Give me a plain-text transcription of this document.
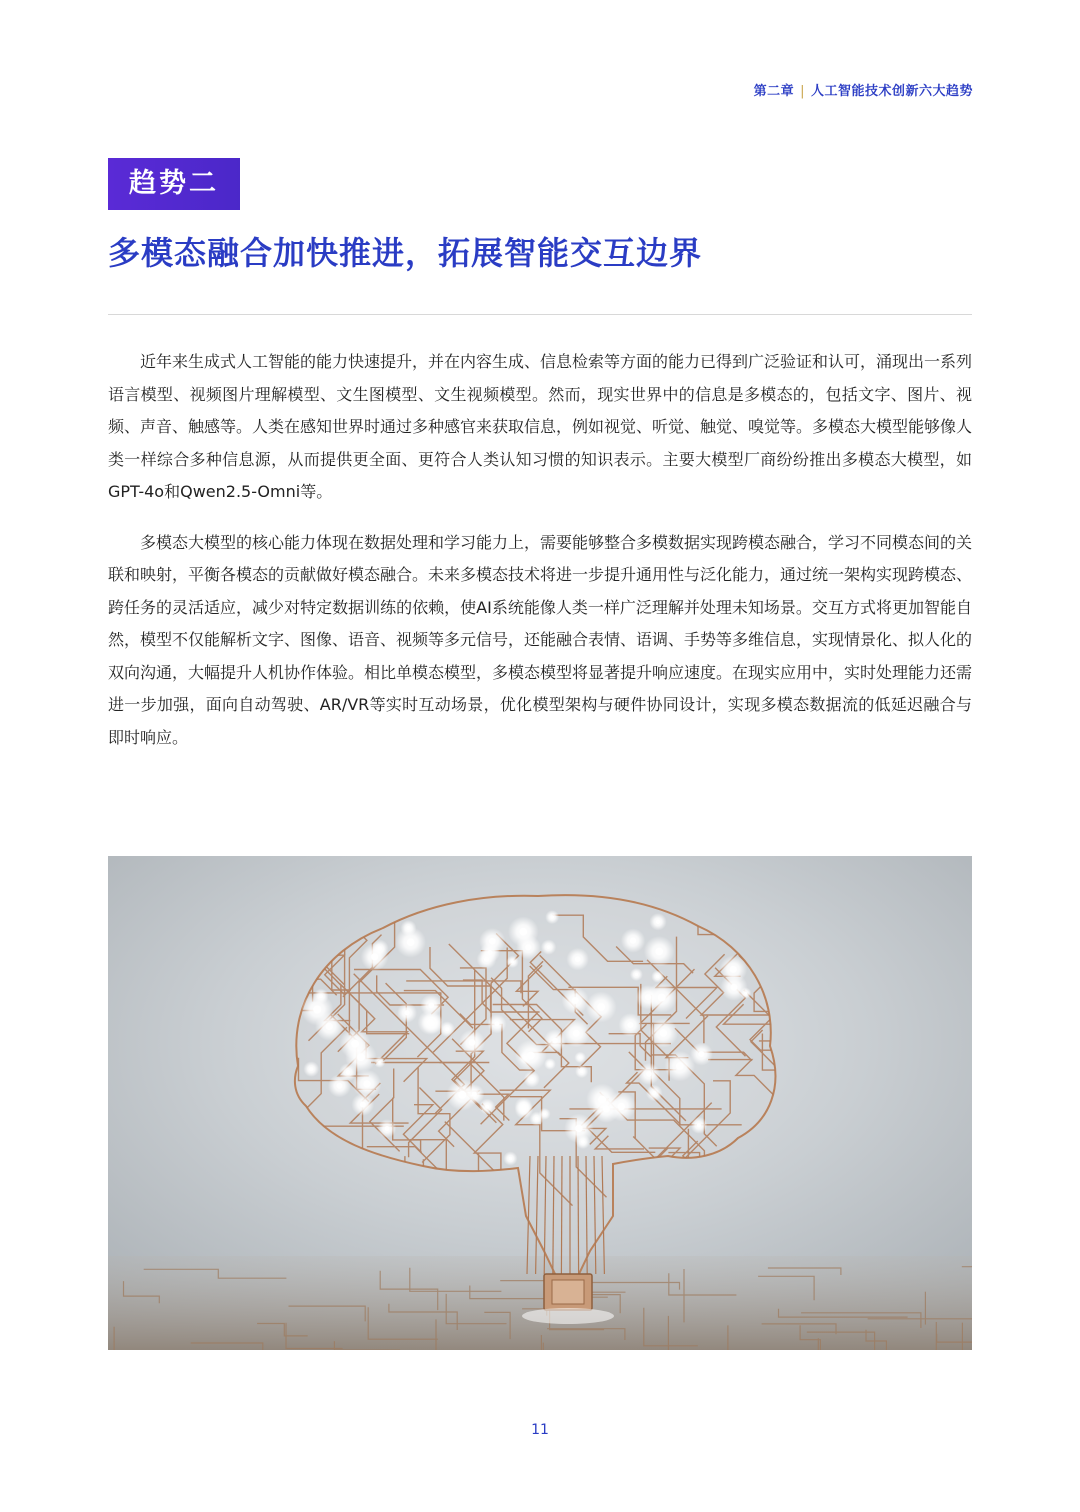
第二章 | 人工智能技术创新六大趋势
趋势二
多模态融合加快推进，拓展智能交互边界

近年来生成式人工智能的能力快速提升，并在内容生成、信息检索等方面的能力已得到广泛验证和认可，涌现出一系列语言模型、视频图片理解模型、文生图模型、文生视频模型。然而，现实世界中的信息是多模态的，包括文字、图片、视频、声音、触感等。人类在感知世界时通过多种感官来获取信息，例如视觉、听觉、触觉、嗅觉等。多模态大模型能够像人类一样综合多种信息源，从而提供更全面、更符合人类认知习惯的知识表示。主要大模型厂商纷纷推出多模态大模型，如GPT-4o和Qwen2.5-Omni等。

多模态大模型的核心能力体现在数据处理和学习能力上，需要能够整合多模数据实现跨模态融合，学习不同模态间的关联和映射，平衡各模态的贡献做好模态融合。未来多模态技术将进一步提升通用性与泛化能力，通过统一架构实现跨模态、跨任务的灵活适应，减少对特定数据训练的依赖，使AI系统能像人类一样广泛理解并处理未知场景。交互方式将更加智能自然，模型不仅能解析文字、图像、语音、视频等多元信号，还能融合表情、语调、手势等多维信息，实现情景化、拟人化的双向沟通，大幅提升人机协作体验。相比单模态模型，多模态模型将显著提升响应速度。在现实应用中，实时处理能力还需进一步加强，面向自动驾驶、AR/VR等实时互动场景，优化模型架构与硬件协同设计，实现多模态数据流的低延迟融合与即时响应。

11
